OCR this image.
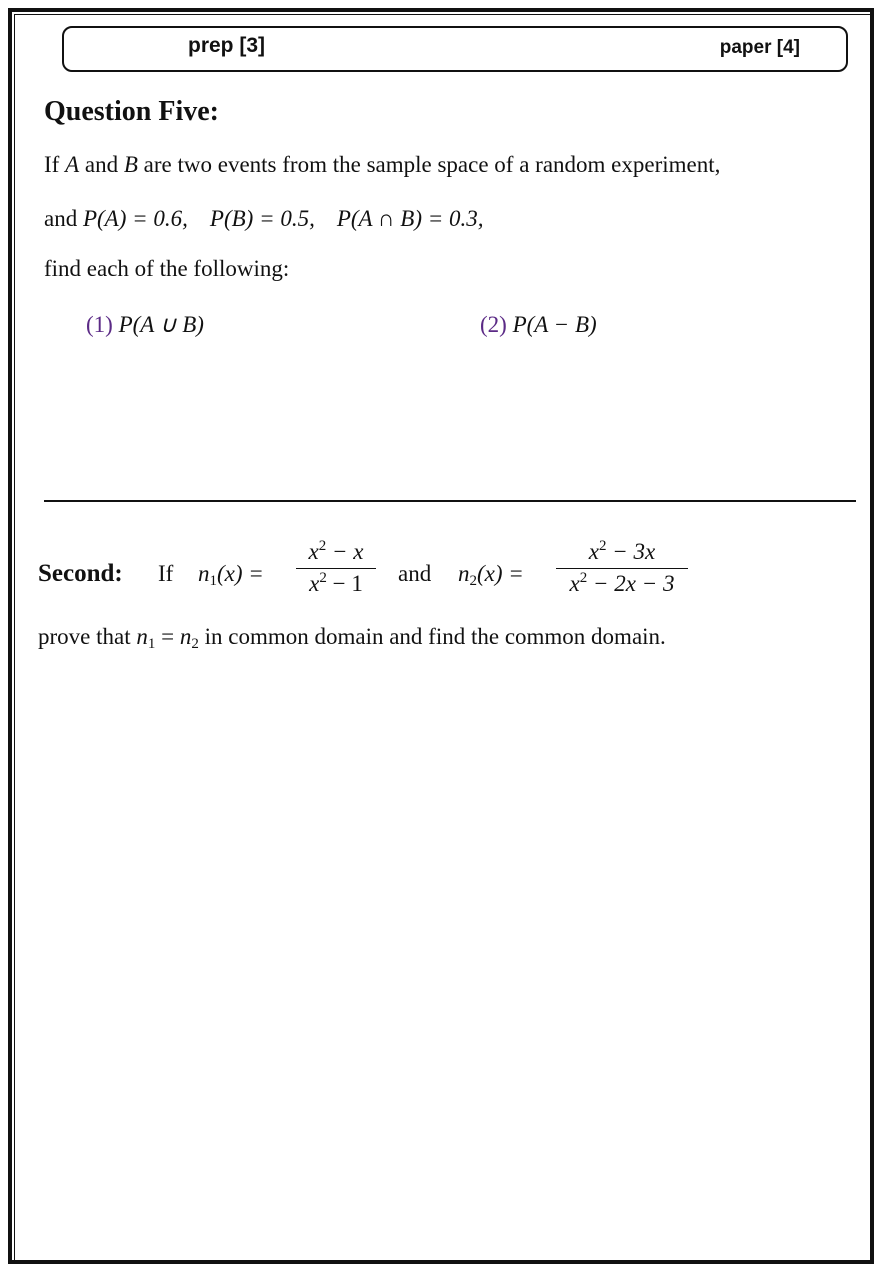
prep [3]	paper [4]
Question Five:
If A and B are two events from the sample space of a random experiment,
and P(A) = 0.6, P(B) = 0.5, P(A ∩ B) = 0.3,
find each of the following:
(1) P(A ∪ B)	(2) P(A − B)
Second: If $n_1(x) = \frac{x^2 - x}{x^2 - 1}$ and $n_2(x) = \frac{x^2 - 3x}{x^2 - 2x - 3}$
prove that $n_1 = n_2$ in common domain and find the common domain.
